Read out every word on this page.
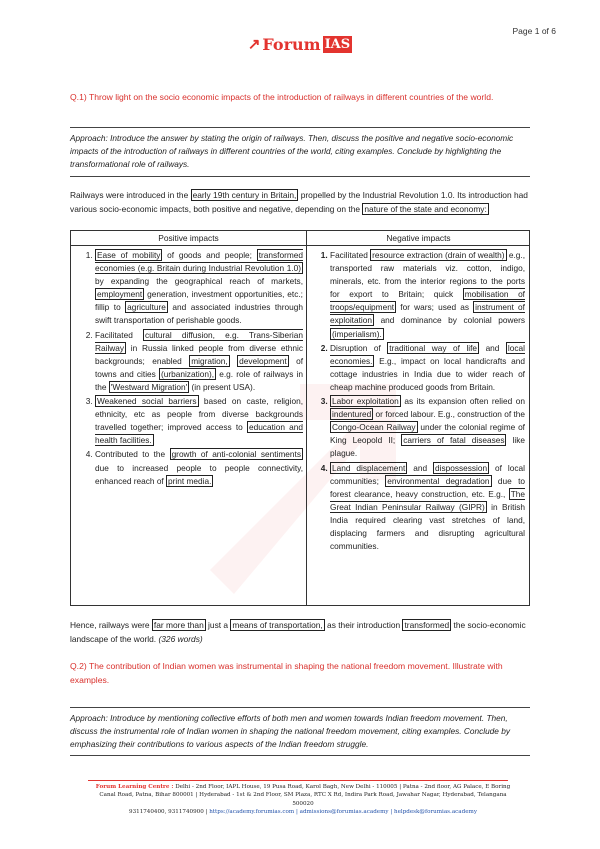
Page 1 of 6
↗ Forum IAS
Q.1) Throw light on the socio economic impacts of the introduction of railways in different countries of the world.
Approach: Introduce the answer by stating the origin of railways. Then, discuss the positive and negative socio-economic impacts of the introduction of railways in different countries of the world, citing examples. Conclude by highlighting the transformational role of railways.
Railways were introduced in the early 19th century in Britain, propelled by the Industrial Revolution 1.0. Its introduction had various socio-economic impacts, both positive and negative, depending on the nature of the state and economy:
Positive impacts	Negative impacts
1. Ease of mobility of goods and people; transformed economies (e.g. Britain during Industrial Revolution 1.0) by expanding the geographical reach of markets, employment generation, investment opportunities, etc.; fillip to agriculture and associated industries through swift transportation of perishable goods.
2. Facilitated cultural diffusion, e.g. Trans-Siberian Railway in Russia linked people from diverse ethnic backgrounds; enabled migration, development of towns and cities (urbanization), e.g. role of railways in the 'Westward Migration' (in present USA).
3. Weakened social barriers based on caste, religion, ethnicity, etc as people from diverse backgrounds travelled together; improved access to education and health facilities.
4. Contributed to the growth of anti-colonial sentiments due to increased people to people connectivity, enhanced reach of print media.
1. Facilitated resource extraction (drain of wealth) e.g., transported raw materials viz. cotton, indigo, minerals, etc. from the interior regions to the ports for export to Britain; quick mobilisation of troops/equipment for wars; used as instrument of exploitation and dominance by colonial powers (imperialism).
2. Disruption of traditional way of life and local economies. E.g., impact on local handicrafts and cottage industries in India due to wider reach of cheap machine produced goods from Britain.
3. Labor exploitation as its expansion often relied on indentured or forced labour. E.g., construction of the Congo-Ocean Railway under the colonial regime of King Leopold II; carriers of fatal diseases like plague.
4. Land displacement and dispossession of local communities; environmental degradation due to forest clearance, heavy construction, etc. E.g., The Great Indian Peninsular Railway (GIPR) in British India required clearing vast stretches of land, displacing farmers and disrupting agricultural communities.
Hence, railways were far more than just a means of transportation, as their introduction transformed the socio-economic landscape of the world. (326 words)
Q.2) The contribution of Indian women was instrumental in shaping the national freedom movement. Illustrate with examples.
Approach: Introduce by mentioning collective efforts of both men and women towards Indian freedom movement. Then, discuss the instrumental role of Indian women in shaping the national freedom movement, citing examples. Conclude by emphasizing their contributions to various aspects of the Indian freedom struggle.
Forum Learning Centre : Delhi - 2nd Floor, IAPL House, 19 Pusa Road, Karol Bagh, New Delhi - 110005 | Patna - 2nd floor, AG Palace, E Boring Canal Road, Patna, Bihar 800001 | Hyderabad - 1st & 2nd Floor, SM Plaza, RTC X Rd, Indira Park Road, Jawahar Nagar, Hyderabad, Telangana 500020
9311740400, 9311740900 | https://academy.forumias.com | admissions@forumias.academy | helpdesk@forumias.academy
